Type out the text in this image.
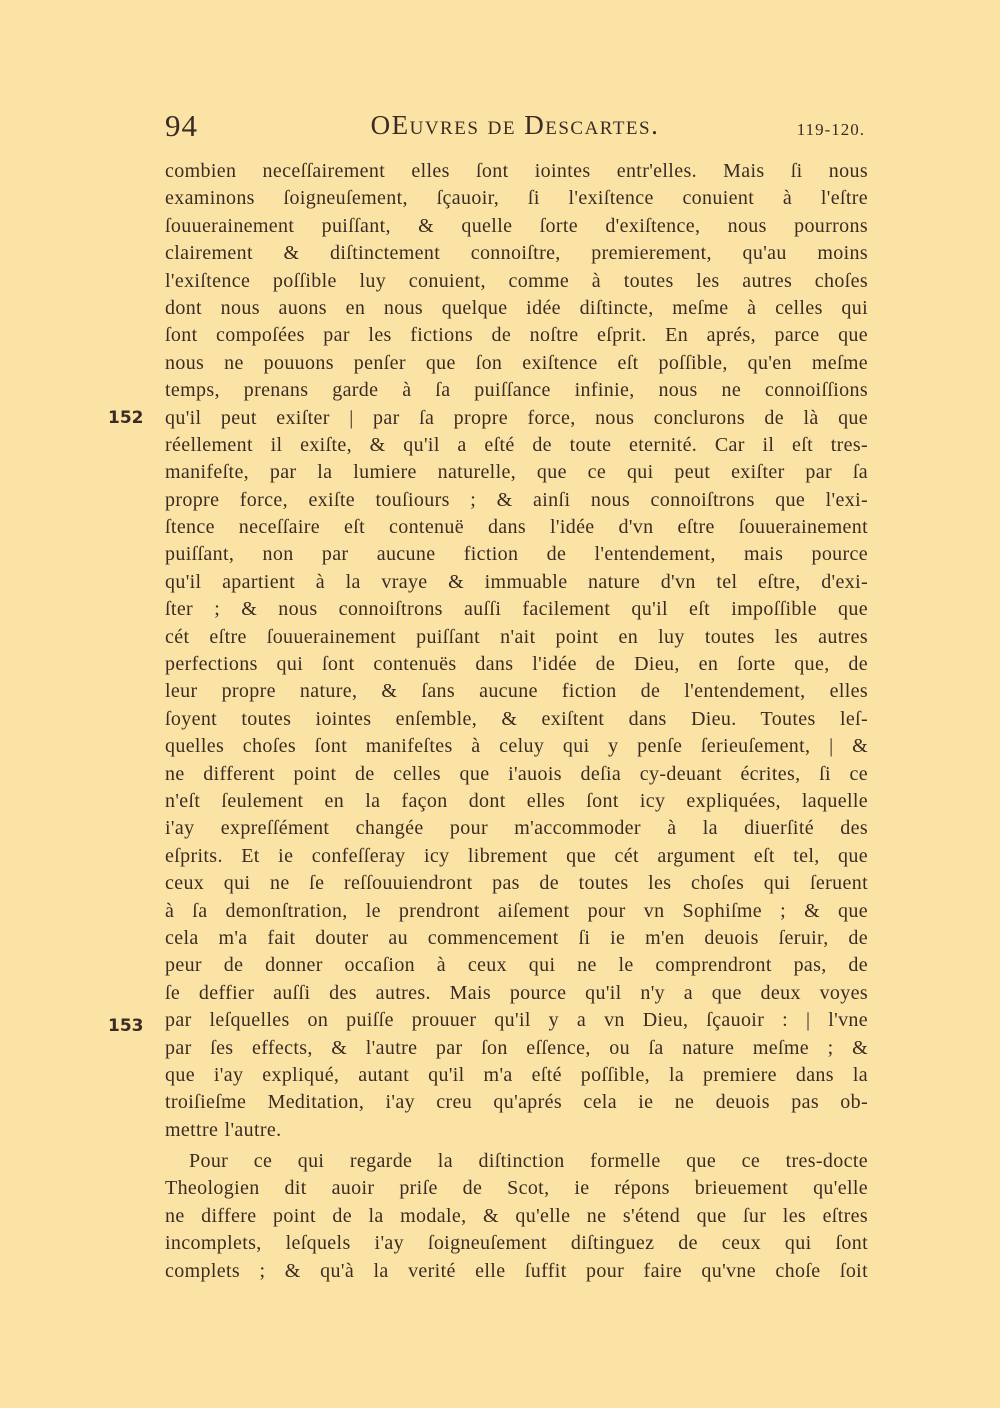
94	OEuvres de Descartes.	119-120.
152
153
combien neceſſairement elles ſont iointes entr'elles. Mais ſi nous
examinons ſoigneuſement, ſçauoir, ſi l'exiſtence conuient à l'eſtre
ſouuerainement puiſſant, & quelle ſorte d'exiſtence, nous pourrons
clairement & diſtinctement connoiſtre, premierement, qu'au moins
l'exiſtence poſſible luy conuient, comme à toutes les autres choſes
dont nous auons en nous quelque idée diſtincte, meſme à celles qui
ſont compoſées par les fictions de noſtre eſprit. En aprés, parce que
nous ne pouuons penſer que ſon exiſtence eſt poſſible, qu'en meſme
temps, prenans garde à ſa puiſſance infinie, nous ne connoiſſions
qu'il peut exiſter | par ſa propre force, nous conclurons de là que
réellement il exiſte, & qu'il a eſté de toute eternité. Car il eſt tres-
manifeſte, par la lumiere naturelle, que ce qui peut exiſter par ſa
propre force, exiſte touſiours ; & ainſi nous connoiſtrons que l'exi-
ſtence neceſſaire eſt contenuë dans l'idée d'vn eſtre ſouuerainement
puiſſant, non par aucune fiction de l'entendement, mais pource
qu'il apartient à la vraye & immuable nature d'vn tel eſtre, d'exi-
ſter ; & nous connoiſtrons auſſi facilement qu'il eſt impoſſible que
cét eſtre ſouuerainement puiſſant n'ait point en luy toutes les autres
perfections qui ſont contenuës dans l'idée de Dieu, en ſorte que, de
leur propre nature, & ſans aucune fiction de l'entendement, elles
ſoyent toutes iointes enſemble, & exiſtent dans Dieu. Toutes leſ-
quelles choſes ſont manifeſtes à celuy qui y penſe ſerieuſement, | &
ne different point de celles que i'auois deſia cy-deuant écrites, ſi ce
n'eſt ſeulement en la façon dont elles ſont icy expliquées, laquelle
i'ay expreſſément changée pour m'accommoder à la diuerſité des
eſprits. Et ie confeſſeray icy librement que cét argument eſt tel, que
ceux qui ne ſe reſſouuiendront pas de toutes les choſes qui ſeruent
à ſa demonſtration, le prendront aiſement pour vn Sophiſme ; & que
cela m'a fait douter au commencement ſi ie m'en deuois ſeruir, de
peur de donner occaſion à ceux qui ne le comprendront pas, de
ſe deffier auſſi des autres. Mais pource qu'il n'y a que deux voyes
par leſquelles on puiſſe prouuer qu'il y a vn Dieu, ſçauoir : | l'vne
par ſes effects, & l'autre par ſon eſſence, ou ſa nature meſme ; &
que i'ay expliqué, autant qu'il m'a eſté poſſible, la premiere dans la
troiſieſme Meditation, i'ay creu qu'aprés cela ie ne deuois pas ob-
mettre l'autre.
Pour ce qui regarde la diſtinction formelle que ce tres-docte
Theologien dit auoir priſe de Scot, ie répons brieuement qu'elle
ne differe point de la modale, & qu'elle ne s'étend que ſur les eſtres
incomplets, leſquels i'ay ſoigneuſement diſtinguez de ceux qui ſont
complets ; & qu'à la verité elle ſuffit pour faire qu'vne choſe ſoit
